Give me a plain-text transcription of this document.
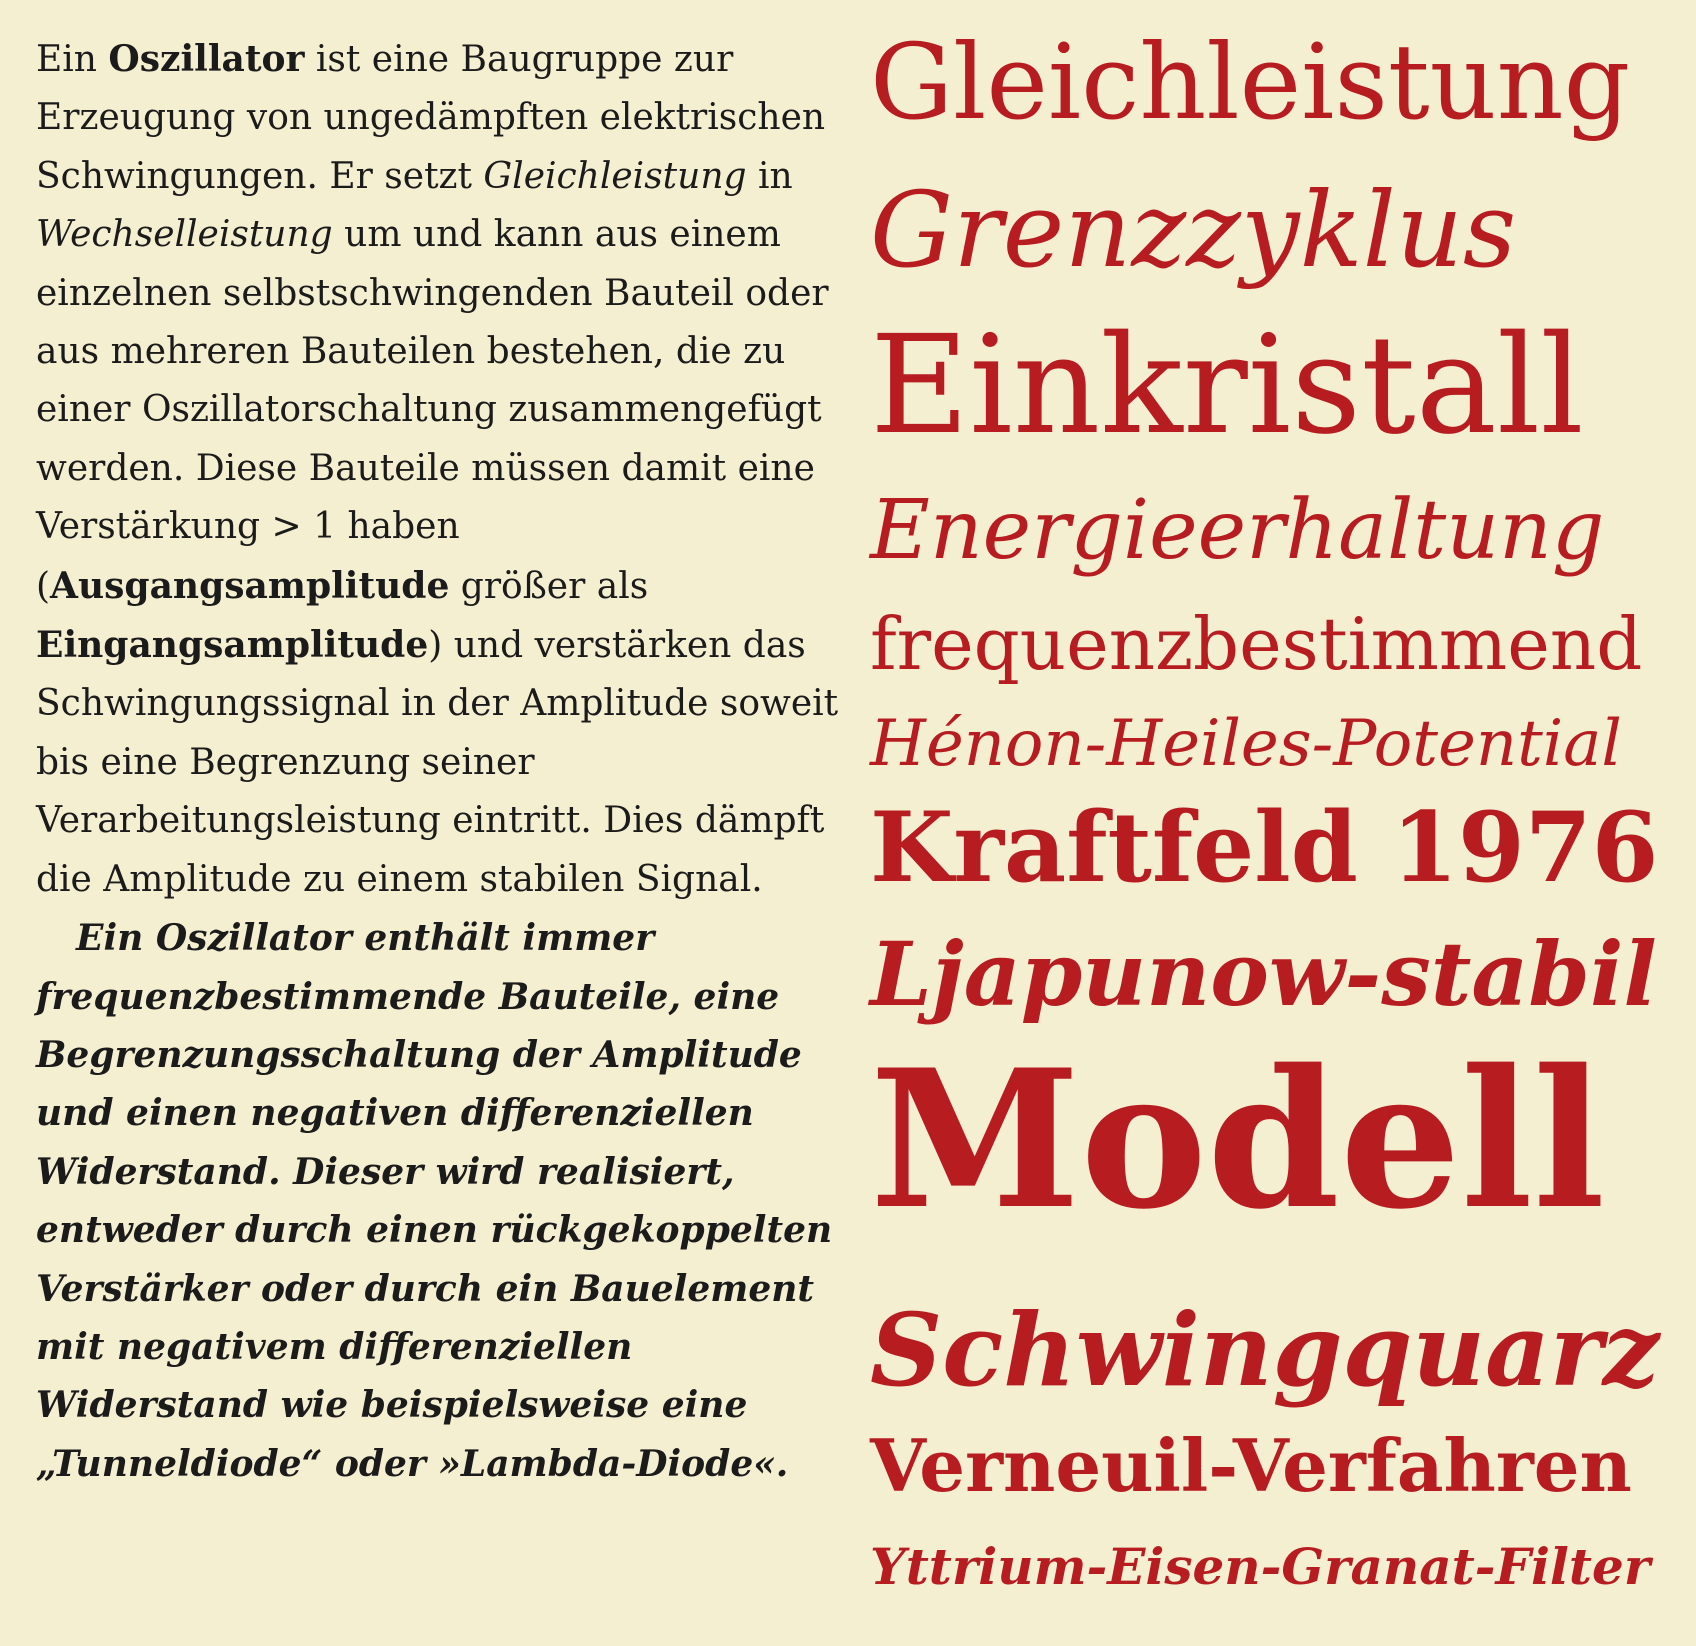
Ein Oszillator ist eine Baugruppe zur Erzeugung von ungedämpften elektrischen Schwingungen. Er setzt Gleichleistung in Wechselleistung um und kann aus einem einzelnen selbstschwingenden Bauteil oder aus mehreren Bauteilen bestehen, die zu einer Oszillatorschaltung zusammengefügt werden. Diese Bauteile müssen damit eine Verstärkung > 1 haben (Ausgangsamplitude größer als Eingangsamplitude) und verstärken das Schwingungssignal in der Amplitude soweit bis eine Begrenzung seiner Verarbeitungsleistung eintritt. Dies dämpft die Amplitude zu einem stabilen Signal.

Ein Oszillator enthält immer frequenzbestimmende Bauteile, eine Begrenzungsschaltung der Amplitude und einen negativen differenziellen Widerstand. Dieser wird realisiert, entweder durch einen rückgekoppelten Verstärker oder durch ein Bauelement mit negativem differenziellen Widerstand wie beispielsweise eine „Tunneldiode“ oder »Lambda-Diode«.

Gleichleistung
Grenzzyklus
Einkristall
Energieerhaltung
frequenzbestimmend
Hénon-Heiles-Potential
Kraftfeld 1976
Ljapunow-stabil
Modell
Schwingquarz
Verneuil-Verfahren
Yttrium-Eisen-Granat-Filter
